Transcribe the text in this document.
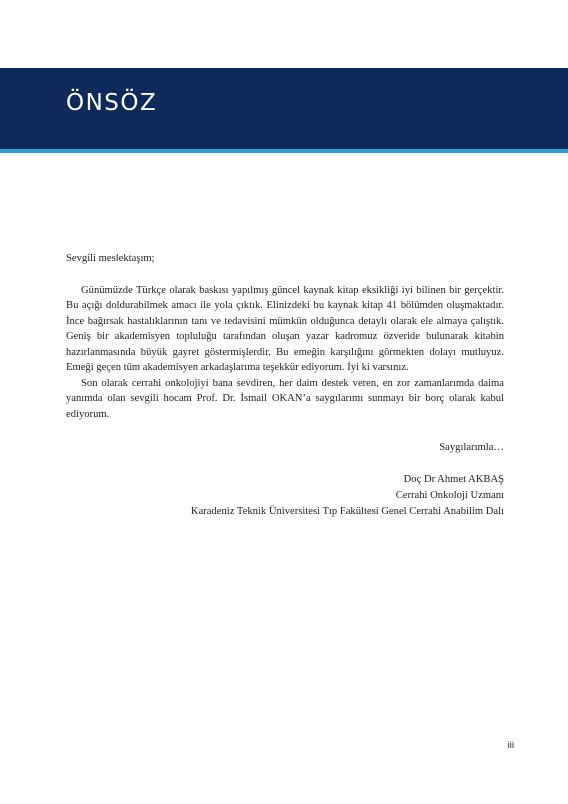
ÖNSÖZ

Sevgili meslektaşım;

Günümüzde Türkçe olarak baskısı yapılmış güncel kaynak kitap eksikliği iyi bilinen bir gerçektir. Bu açığı doldurabilmek amacı ile yola çıktık. Elinizdeki bu kaynak kitap 41 bölümden oluşmaktadır. İnce bağırsak hastalıklarının tanı ve tedavisini mümkün olduğunca detaylı olarak ele almaya çalıştık. Geniş bir akademisyen topluluğu tarafından oluşan yazar kadromuz özveride bulunarak kitabin hazırlanmasında büyük gayret göstermişlerdir. Bu emeğin karşılığını görmekten dolayı mutluyuz. Emeği geçen tüm akademisyen arkadaşlarıma teşekkür ediyorum. İyi ki varsınız.

Son olarak cerrahi onkolojiyi bana sevdiren, her daim destek veren, en zor zamanlarımda daima yanımda olan sevgili hocam Prof. Dr. İsmail OKAN’a saygılarımı sunmayı bir borç olarak kabul ediyorum.

Saygılarımla…

Doç Dr Ahmet AKBAŞ

Cerrahi Onkoloji Uzmanı

Karadeniz Teknik Üniversitesi Tıp Fakültesi Genel Cerrahi Anabilim Dalı

iii
